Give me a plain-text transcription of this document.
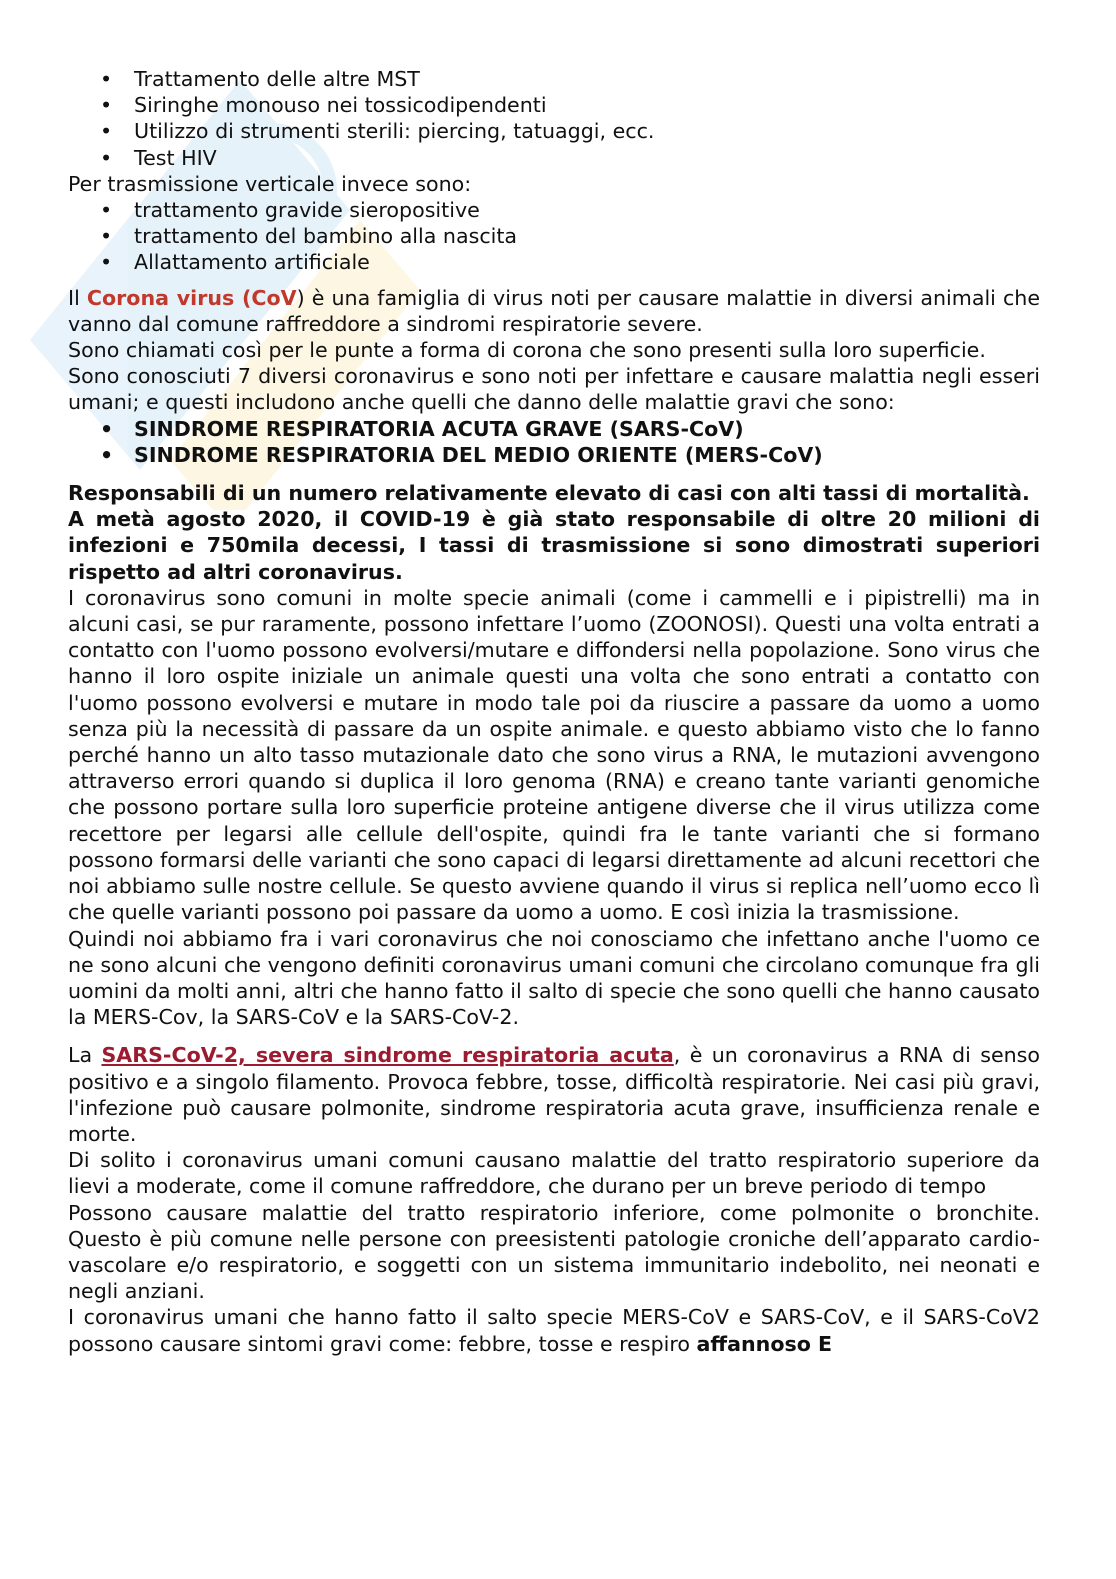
• Trattamento delle altre MST
• Siringhe monouso nei tossicodipendenti
• Utilizzo di strumenti sterili: piercing, tatuaggi, ecc.
• Test HIV

Per trasmissione verticale invece sono:

• trattamento gravide sieropositive
• trattamento del bambino alla nascita
• Allattamento artificiale

Il Corona virus (CoV) è una famiglia di virus noti per causare malattie in diversi animali che vanno dal comune raffreddore a sindromi respiratorie severe.

Sono chiamati così per le punte a forma di corona che sono presenti sulla loro superficie.

Sono conosciuti 7 diversi coronavirus e sono noti per infettare e causare malattia negli esseri umani; e questi includono anche quelli che danno delle malattie gravi che sono:

• SINDROME RESPIRATORIA ACUTA GRAVE (SARS-CoV)
• SINDROME RESPIRATORIA DEL MEDIO ORIENTE (MERS-CoV)

Responsabili di un numero relativamente elevato di casi con alti tassi di mortalità.

A metà agosto 2020, il COVID-19 è già stato responsabile di oltre 20 milioni di infezioni e 750mila decessi, I tassi di trasmissione si sono dimostrati superiori rispetto ad altri coronavirus.

I coronavirus sono comuni in molte specie animali (come i cammelli e i pipistrelli) ma in alcuni casi, se pur raramente, possono infettare l’uomo (ZOONOSI). Questi una volta entrati a contatto con l'uomo possono evolversi/mutare e diffondersi nella popolazione. Sono virus che hanno il loro ospite iniziale un animale questi una volta che sono entrati a contatto con l'uomo possono evolversi e mutare in modo tale poi da riuscire a passare da uomo a uomo senza più la necessità di passare da un ospite animale. e questo abbiamo visto che lo fanno perché hanno un alto tasso mutazionale dato che sono virus a RNA, le mutazioni avvengono attraverso errori quando si duplica il loro genoma (RNA) e creano tante varianti genomiche che possono portare sulla loro superficie proteine antigene diverse che il virus utilizza come recettore per legarsi alle cellule dell'ospite, quindi fra le tante varianti che si formano possono formarsi delle varianti che sono capaci di legarsi direttamente ad alcuni recettori che noi abbiamo sulle nostre cellule. Se questo avviene quando il virus si replica nell’uomo ecco lì che quelle varianti possono poi passare da uomo a uomo. E così inizia la trasmissione.

Quindi noi abbiamo fra i vari coronavirus che noi conosciamo che infettano anche l'uomo ce ne sono alcuni che vengono definiti coronavirus umani comuni che circolano comunque fra gli uomini da molti anni, altri che hanno fatto il salto di specie che sono quelli che hanno causato la MERS-Cov, la SARS-CoV e la SARS-CoV-2.

La SARS-CoV-2, severa sindrome respiratoria acuta, è un coronavirus a RNA di senso positivo e a singolo filamento. Provoca febbre, tosse, difficoltà respiratorie. Nei casi più gravi, l'infezione può causare polmonite, sindrome respiratoria acuta grave, insufficienza renale e morte.

Di solito i coronavirus umani comuni causano malattie del tratto respiratorio superiore da lievi a moderate, come il comune raffreddore, che durano per un breve periodo di tempo

Possono causare malattie del tratto respiratorio inferiore, come polmonite o bronchite. Questo è più comune nelle persone con preesistenti patologie croniche dell’apparato cardio-vascolare e/o respiratorio, e soggetti con un sistema immunitario indebolito, nei neonati e negli anziani.

I coronavirus umani che hanno fatto il salto specie MERS-CoV e SARS-CoV, e il SARS-CoV2 possono causare sintomi gravi come: febbre, tosse e respiro affannoso E
